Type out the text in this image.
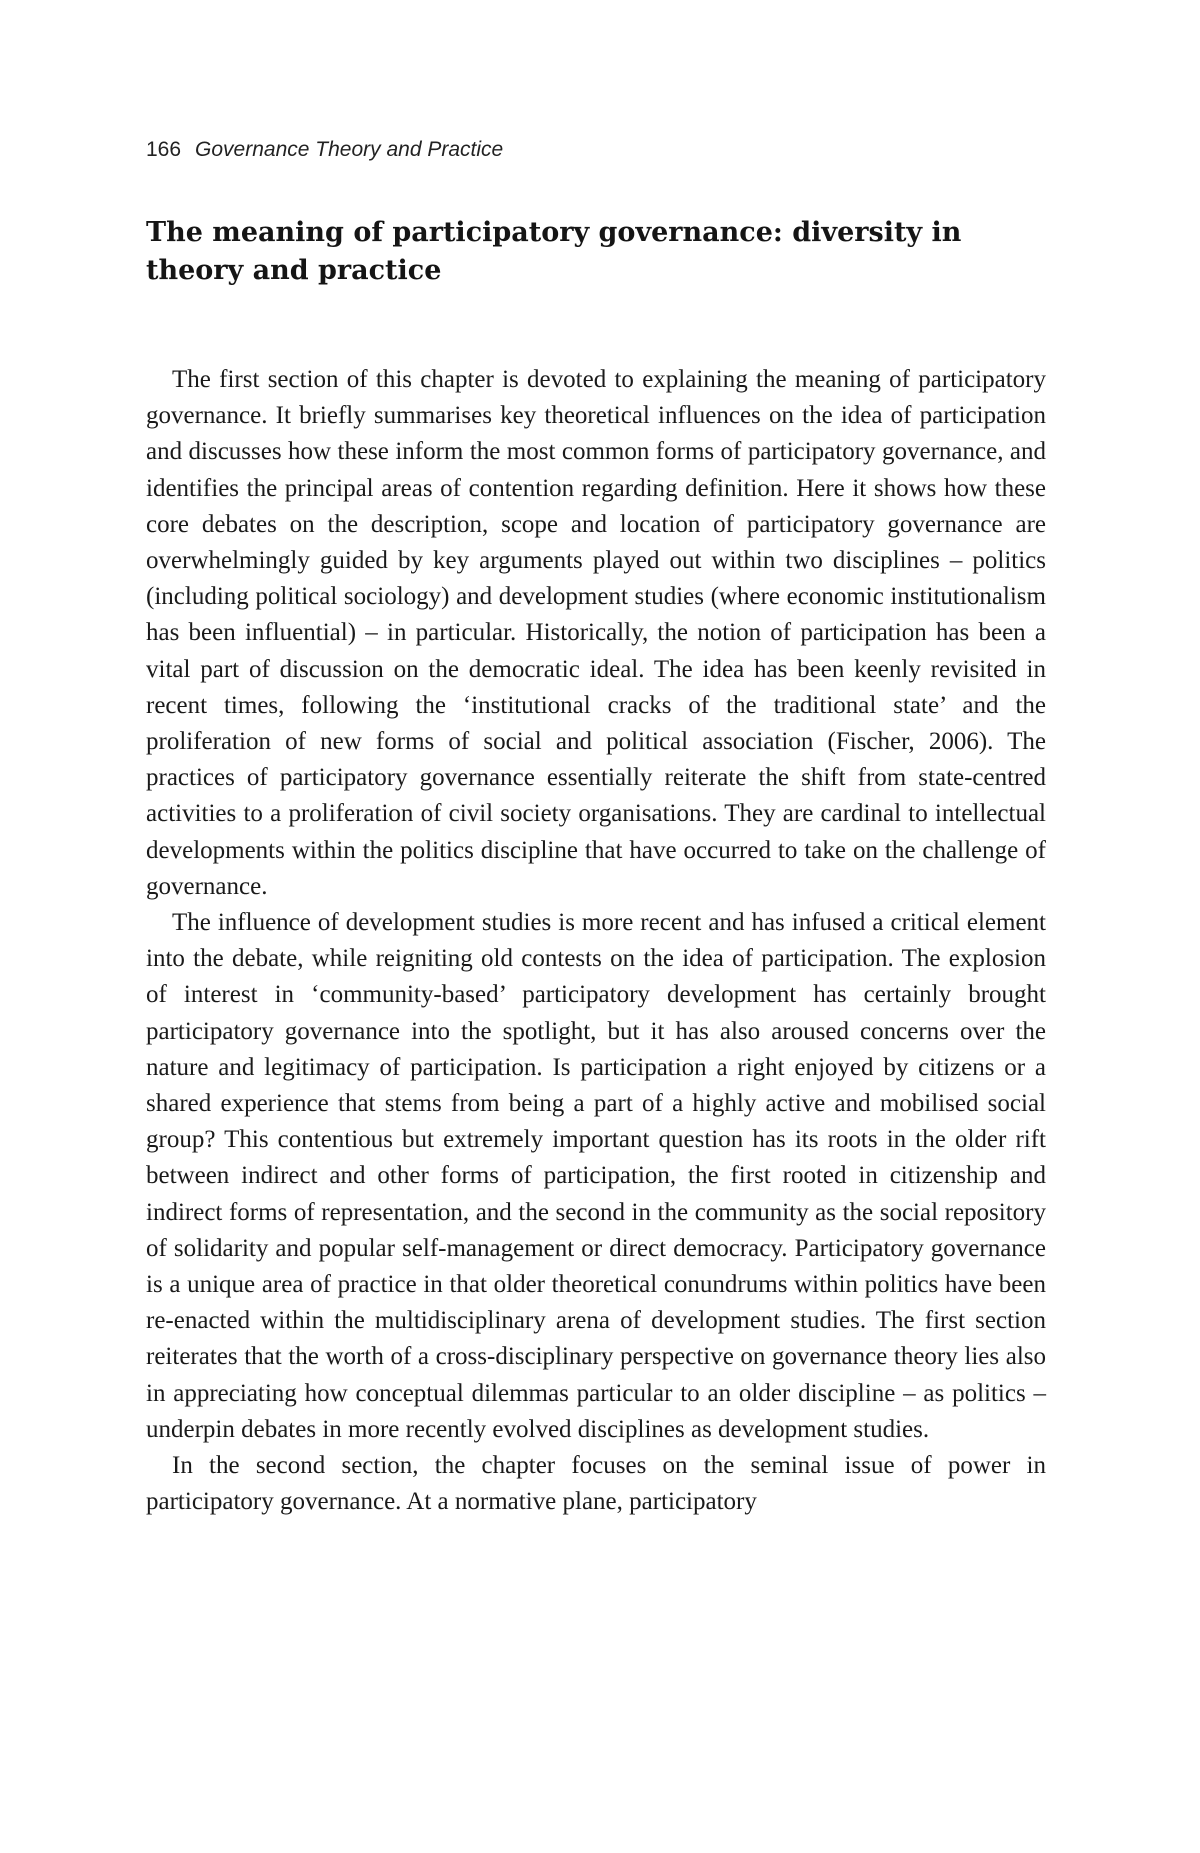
166 Governance Theory and Practice
The meaning of participatory governance: diversity in theory and practice

The first section of this chapter is devoted to explaining the meaning of participatory governance. It briefly summarises key theoretical influences on the idea of participation and discusses how these inform the most common forms of participatory governance, and identifies the principal areas of contention regarding definition. Here it shows how these core debates on the description, scope and location of participatory governance are overwhelmingly guided by key arguments played out within two disciplines – politics (including political sociology) and development studies (where economic institutionalism has been influential) – in particular. Historically, the notion of participation has been a vital part of discussion on the democratic ideal. The idea has been keenly revisited in recent times, following the ‘institutional cracks of the traditional state’ and the proliferation of new forms of social and political association (Fischer, 2006). The practices of participatory governance essentially reiterate the shift from state-centred activities to a proliferation of civil society organisations. They are cardinal to intellectual developments within the politics discipline that have occurred to take on the challenge of governance.

The influence of development studies is more recent and has infused a critical element into the debate, while reigniting old contests on the idea of participation. The explosion of interest in ‘community-based’ participatory development has certainly brought participatory governance into the spotlight, but it has also aroused concerns over the nature and legitimacy of participation. Is participation a right enjoyed by citizens or a shared experience that stems from being a part of a highly active and mobilised social group? This contentious but extremely important question has its roots in the older rift between indirect and other forms of participation, the first rooted in citizenship and indirect forms of representation, and the second in the community as the social repository of solidarity and popular self-management or direct democracy. Participatory governance is a unique area of practice in that older theoretical conundrums within politics have been re-enacted within the multidisciplinary arena of development studies. The first section reiterates that the worth of a cross-disciplinary perspective on governance theory lies also in appreciating how conceptual dilemmas particular to an older discipline – as politics – underpin debates in more recently evolved disciplines as development studies.

In the second section, the chapter focuses on the seminal issue of power in participatory governance. At a normative plane, participatory
